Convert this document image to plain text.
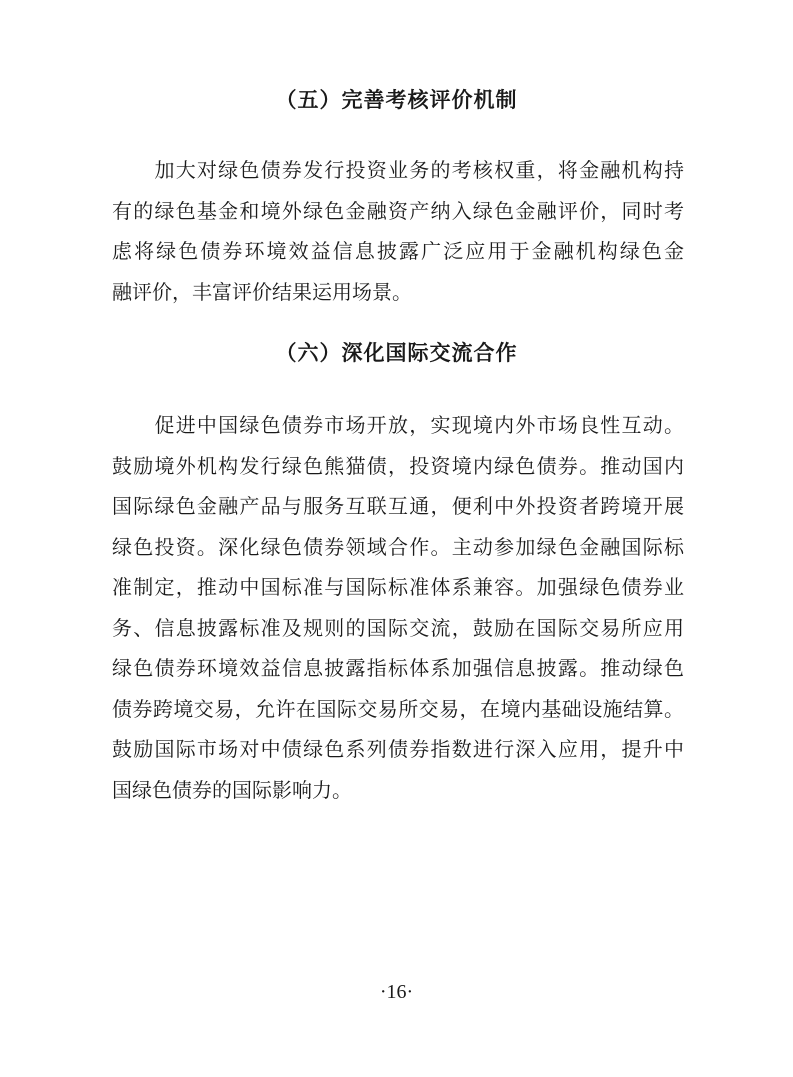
（五）完善考核评价机制

　　加大对绿色债券发行投资业务的考核权重，将金融机构持
有的绿色基金和境外绿色金融资产纳入绿色金融评价，同时考
虑将绿色债券环境效益信息披露广泛应用于金融机构绿色金
融评价，丰富评价结果运用场景。

（六）深化国际交流合作

　　促进中国绿色债券市场开放，实现境内外市场良性互动。
鼓励境外机构发行绿色熊猫债，投资境内绿色债券。推动国内
国际绿色金融产品与服务互联互通，便利中外投资者跨境开展
绿色投资。深化绿色债券领域合作。主动参加绿色金融国际标
准制定，推动中国标准与国际标准体系兼容。加强绿色债券业
务、信息披露标准及规则的国际交流，鼓励在国际交易所应用
绿色债券环境效益信息披露指标体系加强信息披露。推动绿色
债券跨境交易，允许在国际交易所交易，在境内基础设施结算。
鼓励国际市场对中债绿色系列债券指数进行深入应用，提升中
国绿色债券的国际影响力。

·16·
